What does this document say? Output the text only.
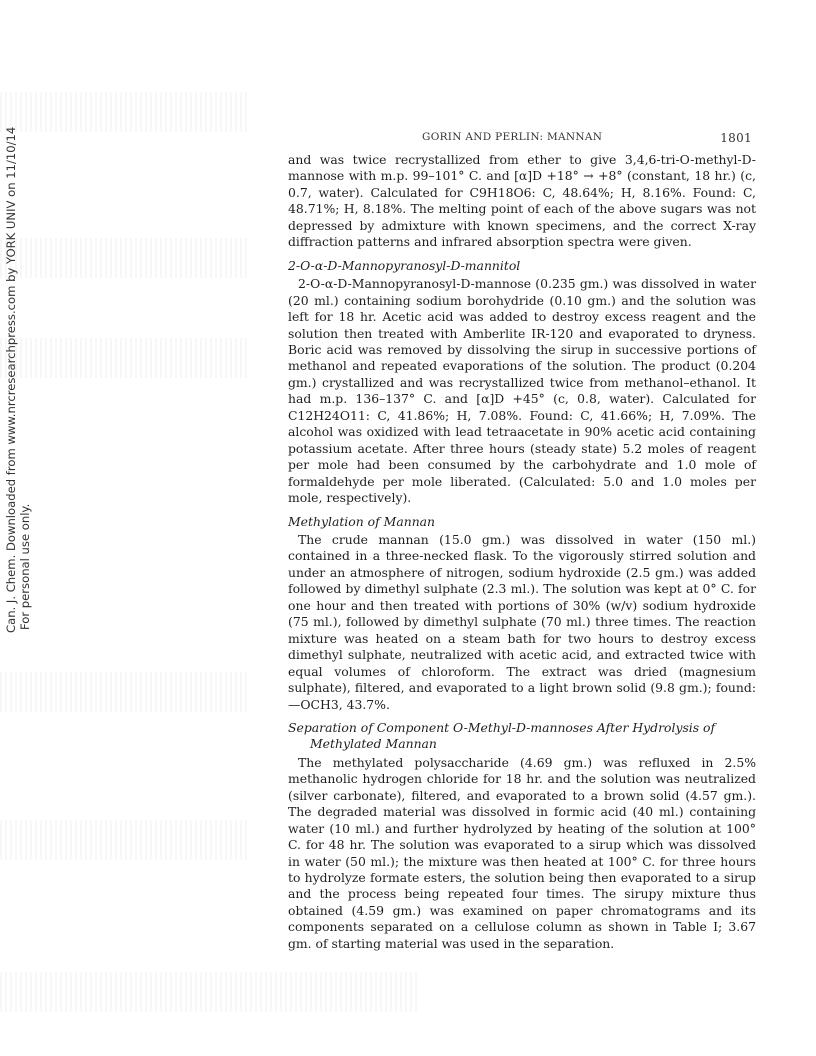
Can. J. Chem. Downloaded from www.nrcresearchpress.com by YORK UNIV on 11/10/14 For personal use only.
GORIN AND PERLIN: MANNAN	1801

and was twice recrystallized from ether to give 3,4,6-tri-O-methyl-D-mannose with m.p. 99–101° C. and [α]D +18° → +8° (constant, 18 hr.) (c, 0.7, water). Calculated for C9H18O6: C, 48.64%; H, 8.16%. Found: C, 48.71%; H, 8.18%. The melting point of each of the above sugars was not depressed by admixture with known specimens, and the correct X-ray diffraction patterns and infrared absorption spectra were given.

2-O-α-D-Mannopyranosyl-D-mannitol

2-O-α-D-Mannopyranosyl-D-mannose (0.235 gm.) was dissolved in water (20 ml.) containing sodium borohydride (0.10 gm.) and the solution was left for 18 hr. Acetic acid was added to destroy excess reagent and the solution then treated with Amberlite IR-120 and evaporated to dryness. Boric acid was removed by dissolving the sirup in successive portions of methanol and repeated evaporations of the solution. The product (0.204 gm.) crystallized and was recrystallized twice from methanol–ethanol. It had m.p. 136–137° C. and [α]D +45° (c, 0.8, water). Calculated for C12H24O11: C, 41.86%; H, 7.08%. Found: C, 41.66%; H, 7.09%. The alcohol was oxidized with lead tetraacetate in 90% acetic acid containing potassium acetate. After three hours (steady state) 5.2 moles of reagent per mole had been consumed by the carbohydrate and 1.0 mole of formaldehyde per mole liberated. (Calculated: 5.0 and 1.0 moles per mole, respectively).

Methylation of Mannan

The crude mannan (15.0 gm.) was dissolved in water (150 ml.) contained in a three-necked flask. To the vigorously stirred solution and under an atmosphere of nitrogen, sodium hydroxide (2.5 gm.) was added followed by dimethyl sulphate (2.3 ml.). The solution was kept at 0° C. for one hour and then treated with portions of 30% (w/v) sodium hydroxide (75 ml.), followed by dimethyl sulphate (70 ml.) three times. The reaction mixture was heated on a steam bath for two hours to destroy excess dimethyl sulphate, neutralized with acetic acid, and extracted twice with equal volumes of chloroform. The extract was dried (magnesium sulphate), filtered, and evaporated to a light brown solid (9.8 gm.); found: —OCH3, 43.7%.

Separation of Component O-Methyl-D-mannoses After Hydrolysis of Methylated Mannan

The methylated polysaccharide (4.69 gm.) was refluxed in 2.5% methanolic hydrogen chloride for 18 hr. and the solution was neutralized (silver carbonate), filtered, and evaporated to a brown solid (4.57 gm.). The degraded material was dissolved in formic acid (40 ml.) containing water (10 ml.) and further hydrolyzed by heating of the solution at 100° C. for 48 hr. The solution was evaporated to a sirup which was dissolved in water (50 ml.); the mixture was then heated at 100° C. for three hours to hydrolyze formate esters, the solution being then evaporated to a sirup and the process being repeated four times. The sirupy mixture thus obtained (4.59 gm.) was examined on paper chromatograms and its components separated on a cellulose column as shown in Table I; 3.67 gm. of starting material was used in the separation.
